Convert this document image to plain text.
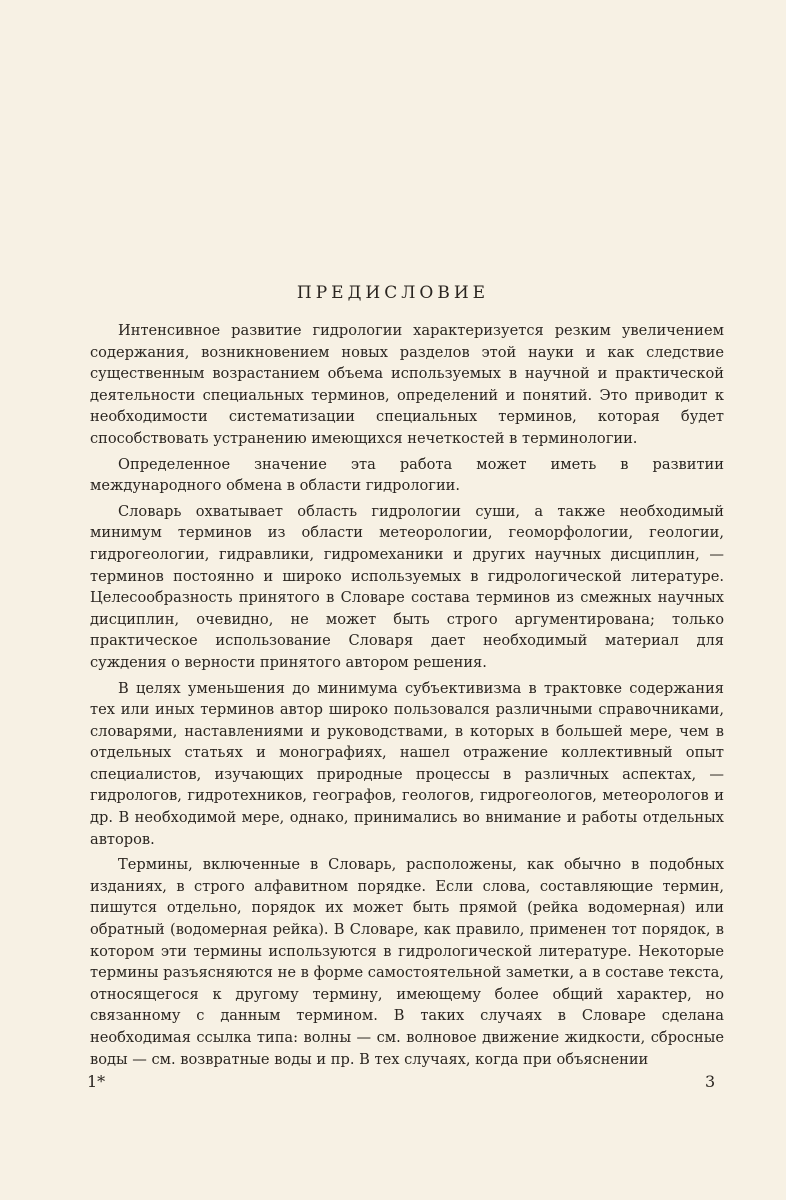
ПРЕДИСЛОВИЕ

Интенсивное развитие гидрологии характеризуется резким увеличением содержания, возникновением новых разделов этой науки и как следствие существенным возрастанием объема используемых в научной и практической деятельности специальных терминов, определений и понятий. Это приводит к необходимости систематизации специальных терминов, которая будет способствовать устранению имеющихся нечеткостей в терминологии.

Определенное значение эта работа может иметь в развитии международного обмена в области гидрологии.

Словарь охватывает область гидрологии суши, а также необходимый минимум терминов из области метеорологии, геоморфологии, геологии, гидрогеологии, гидравлики, гидромеханики и других научных дисциплин, — терминов постоянно и широко используемых в гидрологической литературе. Целесообразность принятого в Словаре состава терминов из смежных научных дисциплин, очевидно, не может быть строго аргументирована; только практическое использование Словаря дает необходимый материал для суждения о верности принятого автором решения.

В целях уменьшения до минимума субъективизма в трактовке содержания тех или иных терминов автор широко пользовался различными справочниками, словарями, наставлениями и руководствами, в которых в большей мере, чем в отдельных статьях и монографиях, нашел отражение коллективный опыт специалистов, изучающих природные процессы в различных аспектах, — гидрологов, гидротехников, географов, геологов, гидрогеологов, метеорологов и др. В необходимой мере, однако, принимались во внимание и работы отдельных авторов.

Термины, включенные в Словарь, расположены, как обычно в подобных изданиях, в строго алфавитном порядке. Если слова, составляющие термин, пишутся отдельно, порядок их может быть прямой (рейка водомерная) или обратный (водомерная рейка). В Словаре, как правило, применен тот порядок, в котором эти термины используются в гидрологической литературе. Некоторые термины разъясняются не в форме самостоятельной заметки, а в составе текста, относящегося к другому термину, имеющему более общий характер, но связанному с данным термином. В таких случаях в Словаре сделана необходимая ссылка типа: волны — см. волновое движение жидкости, сбросные воды — см. возвратные воды и пр. В тех случаях, когда при объяснении

1*	3
